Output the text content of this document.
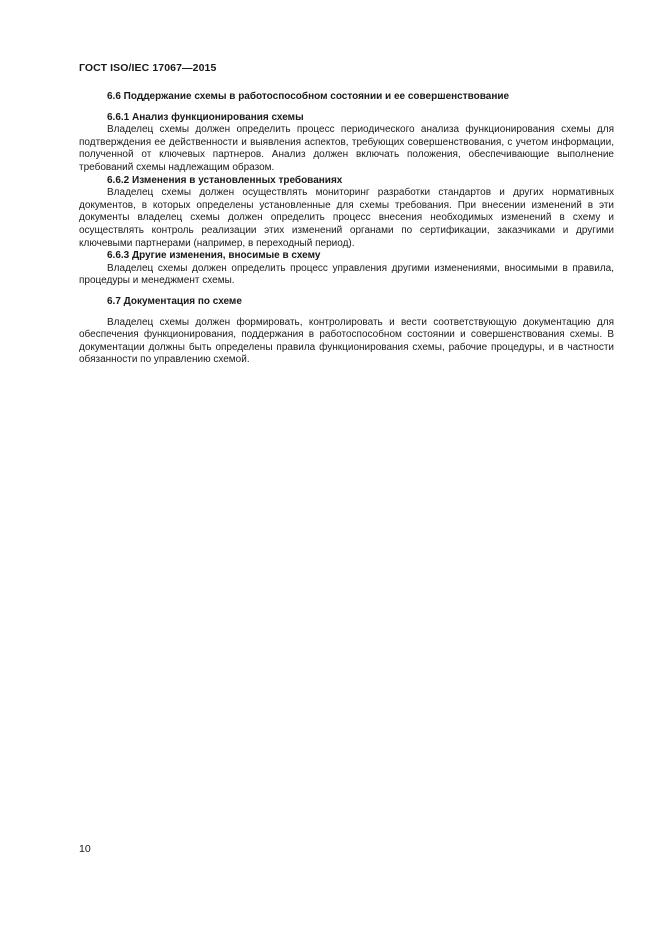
ГОСТ ISO/IEC 17067—2015

6.6 Поддержание схемы в работоспособном состоянии и ее совершенствование

6.6.1 Анализ функционирования схемы

Владелец схемы должен определить процесс периодического анализа функционирования схемы для подтверждения ее действенности и выявления аспектов, требующих совершенствования, с учетом информации, полученной от ключевых партнеров. Анализ должен включать положения, обеспечивающие выполнение требований схемы надлежащим образом.

6.6.2 Изменения в установленных требованиях

Владелец схемы должен осуществлять мониторинг разработки стандартов и других нормативных документов, в которых определены установленные для схемы требования. При внесении изменений в эти документы владелец схемы должен определить процесс внесения необходимых изменений в схему и осуществлять контроль реализации этих изменений органами по сертификации, заказчиками и другими ключевыми партнерами (например, в переходный период).

6.6.3 Другие изменения, вносимые в схему

Владелец схемы должен определить процесс управления другими изменениями, вносимыми в правила, процедуры и менеджмент схемы.

6.7 Документация по схеме

Владелец схемы должен формировать, контролировать и вести соответствующую документацию для обеспечения функционирования, поддержания в работоспособном состоянии и совершенствования схемы. В документации должны быть определены правила функционирования схемы, рабочие процедуры, и в частности обязанности по управлению схемой.

10
